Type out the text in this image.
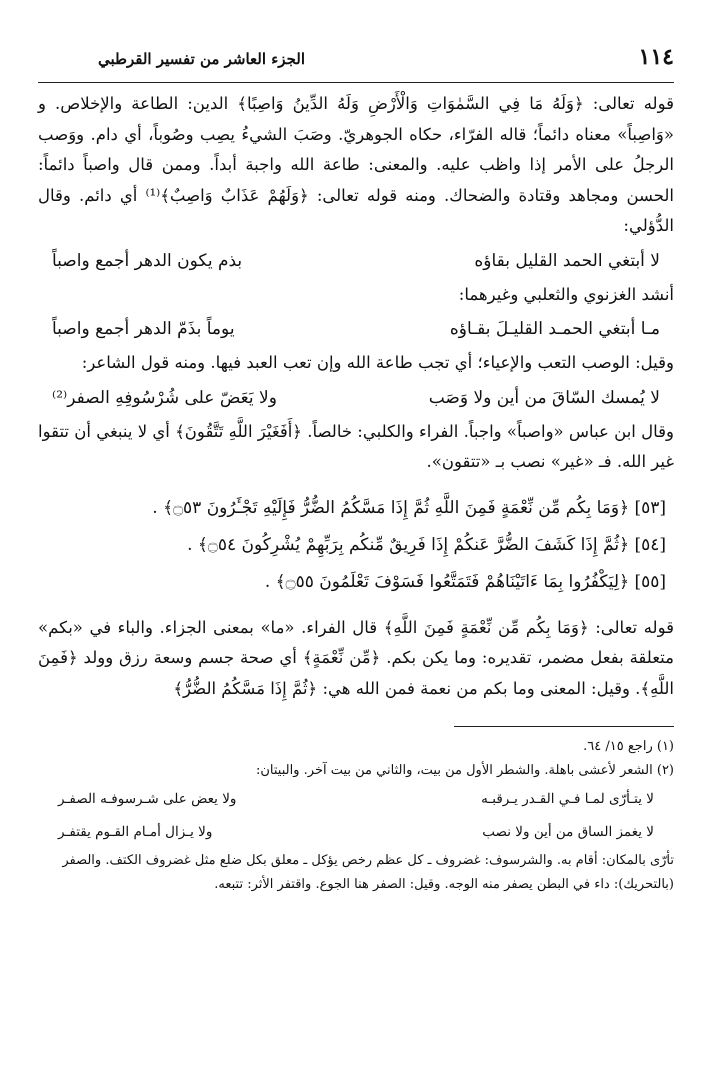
١١٤
الجزء العاشر من تفسير القرطبي

قوله تعالى: ﴿وَلَهُ مَا فِي السَّمٰوَاتِ وَالْأَرْضِ وَلَهُ الدِّينُ وَاصِبًا﴾ الدين: الطاعة والإخلاص. و «وَاصِباً» معناه دائماً؛ قاله الفرّاء، حكاه الجوهريّ. وصَبَ الشيءُ يصِب وصُوباً، أي دام. ووَصب الرجلُ على الأمر إذا واظب عليه. والمعنى: طاعة الله واجبة أبداً. وممن قال واصباً دائماً: الحسن ومجاهد وقتادة والضحاك. ومنه قوله تعالى: ﴿وَلَهُمْ عَذَابٌ وَاصِبٌ﴾⁽¹⁾ أي دائم. وقال الدُّؤلي:

لا أبتغي الحمد القليل بقاؤه
بذم يكون الدهر أجمع واصباً

أنشد الغزنوي والثعلبي وغيرهما:

مـا أبتغي الحمـد القليـلَ بقـاؤه
يوماً بذَمّ الدهر أجمع واصباً

وقيل: الوصب التعب والإعياء؛ أي تجب طاعة الله وإن تعب العبد فيها. ومنه قول الشاعر:

لا يُمسك السّاقَ من أين ولا وَصَب
ولا يَعَضّ على شُرْسُوفِهِ الصفر⁽²⁾

وقال ابن عباس «واصباً» واجباً. الفراء والكلبي: خالصاً. ﴿أَفَغَيْرَ اللَّهِ تَتَّقُونَ﴾ أي لا ينبغي أن تتقوا غير الله. فـ «غير» نصب بـ «تتقون».

[٥٣] ﴿وَمَا بِكُم مِّن نِّعْمَةٍ فَمِنَ اللَّهِ ثُمَّ إِذَا مَسَّكُمُ الضُّرُّ فَإِلَيْهِ تَجْـَٔرُونَ ۝٥٣﴾ .

[٥٤] ﴿ثُمَّ إِذَا كَشَفَ الضُّرَّ عَنكُمْ إِذَا فَرِيقٌ مِّنكُم بِرَبِّهِمْ يُشْرِكُونَ ۝٥٤﴾ .

[٥٥] ﴿لِيَكْفُرُوا بِمَا ءَاتَيْنَاهُمْ فَتَمَتَّعُوا فَسَوْفَ تَعْلَمُونَ ۝٥٥﴾ .

قوله تعالى: ﴿وَمَا بِكُم مِّن نِّعْمَةٍ فَمِنَ اللَّهِ﴾ قال الفراء. «ما» بمعنى الجزاء. والباء في «بكم» متعلقة بفعل مضمر، تقديره: وما يكن بكم. ﴿مِّن نِّعْمَةٍ﴾ أي صحة جسم وسعة رزق وولد ﴿فَمِنَ اللَّهِ﴾. وقيل: المعنى وما بكم من نعمة فمن الله هي: ﴿ثُمَّ إِذَا مَسَّكُمُ الضُّرُّ﴾

(١) راجع ١٥/ ٦٤.

(٢) الشعر لأعشى باهلة. والشطر الأول من بيت، والثاني من بيت آخر. والبيتان:

لا يتـأرّى لمـا فـي القـدر يـرقبـه
ولا يعض على شـرسوفـه الصفـر
لا يغمز الساق من أين ولا نصب
ولا يـزال أمـام القـوم يقتفـر

تأرّى بالمكان: أقام به. والشرسوف: غضروف ـ كل عظم رخص يؤكل ـ معلق بكل ضلع مثل غضروف الكتف. والصفر (بالتحريك): داء في البطن يصفر منه الوجه. وقيل: الصفر هنا الجوع. واقتفر الأثر: تتبعه.
